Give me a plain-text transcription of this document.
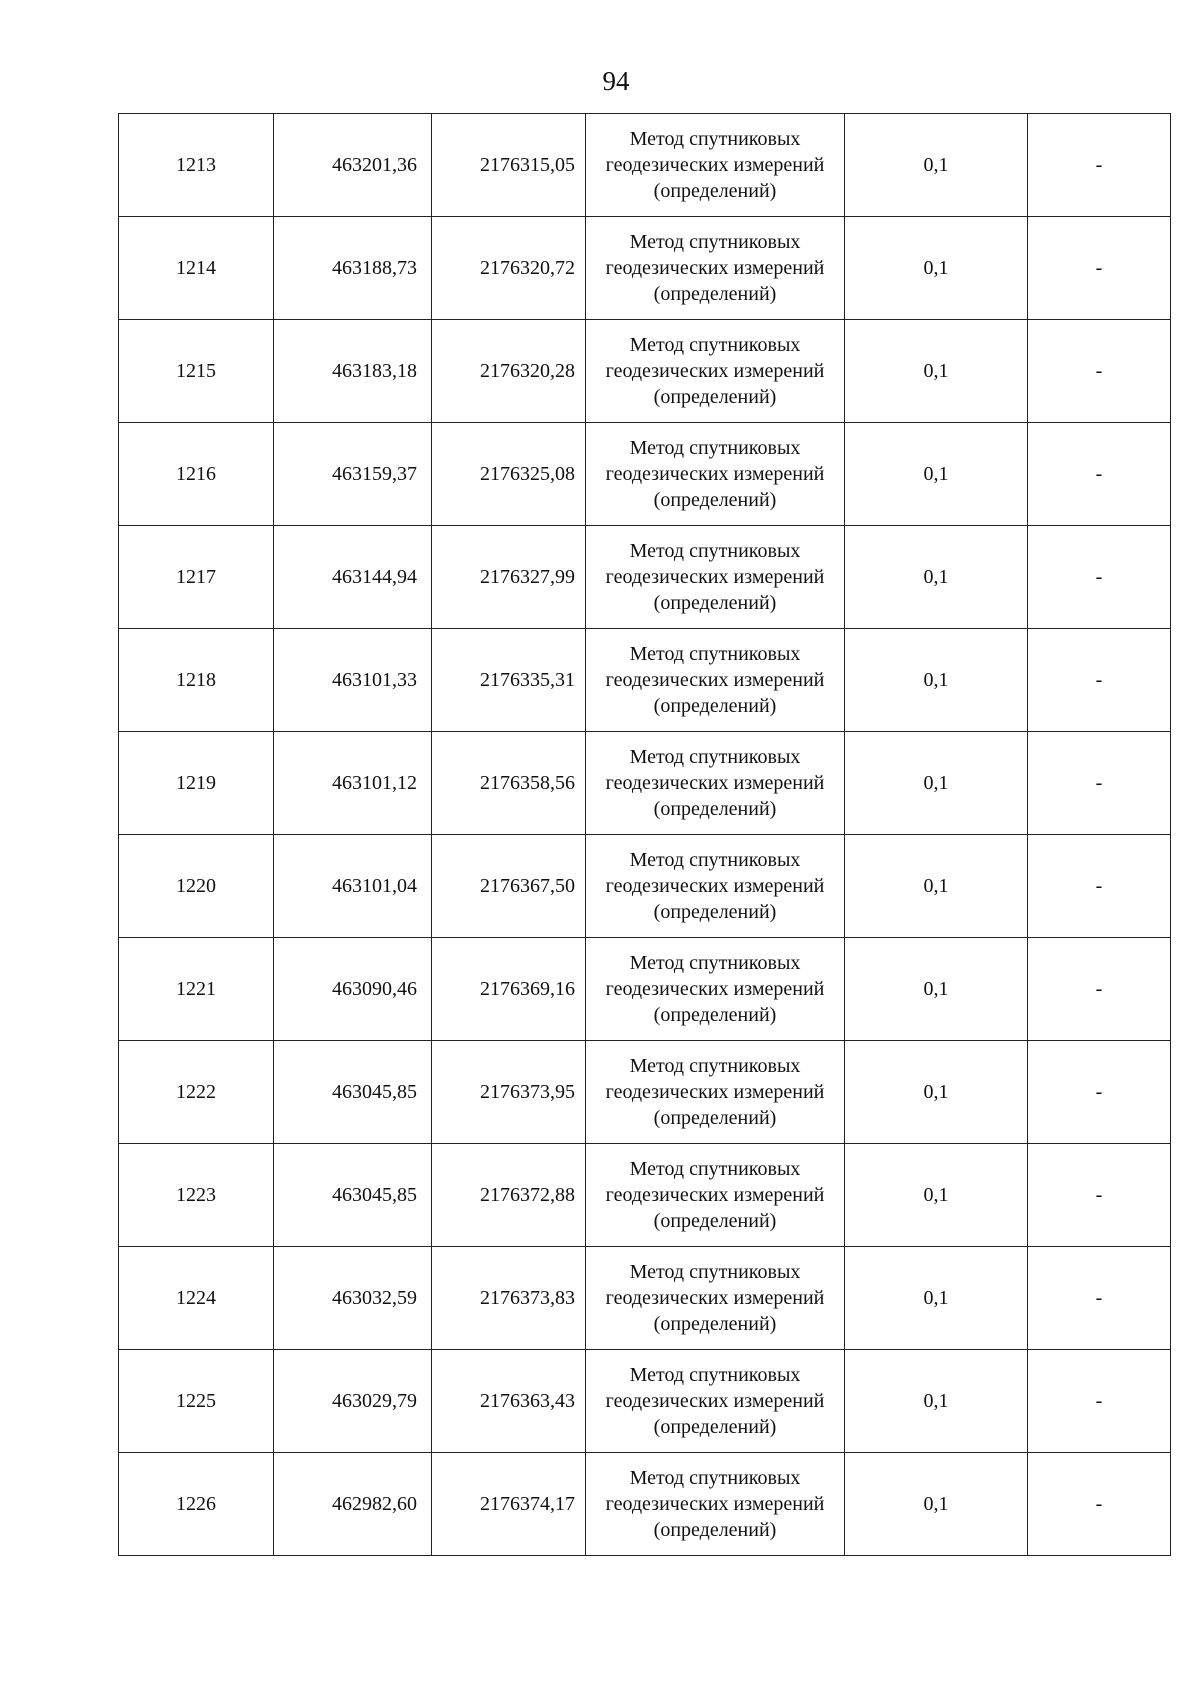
94
1213	463201,36	2176315,05	Метод спутниковых
геодезических измерений
(определений)	0,1	-
1214	463188,73	2176320,72	Метод спутниковых
геодезических измерений
(определений)	0,1	-
1215	463183,18	2176320,28	Метод спутниковых
геодезических измерений
(определений)	0,1	-
1216	463159,37	2176325,08	Метод спутниковых
геодезических измерений
(определений)	0,1	-
1217	463144,94	2176327,99	Метод спутниковых
геодезических измерений
(определений)	0,1	-
1218	463101,33	2176335,31	Метод спутниковых
геодезических измерений
(определений)	0,1	-
1219	463101,12	2176358,56	Метод спутниковых
геодезических измерений
(определений)	0,1	-
1220	463101,04	2176367,50	Метод спутниковых
геодезических измерений
(определений)	0,1	-
1221	463090,46	2176369,16	Метод спутниковых
геодезических измерений
(определений)	0,1	-
1222	463045,85	2176373,95	Метод спутниковых
геодезических измерений
(определений)	0,1	-
1223	463045,85	2176372,88	Метод спутниковых
геодезических измерений
(определений)	0,1	-
1224	463032,59	2176373,83	Метод спутниковых
геодезических измерений
(определений)	0,1	-
1225	463029,79	2176363,43	Метод спутниковых
геодезических измерений
(определений)	0,1	-
1226	462982,60	2176374,17	Метод спутниковых
геодезических измерений
(определений)	0,1	-
